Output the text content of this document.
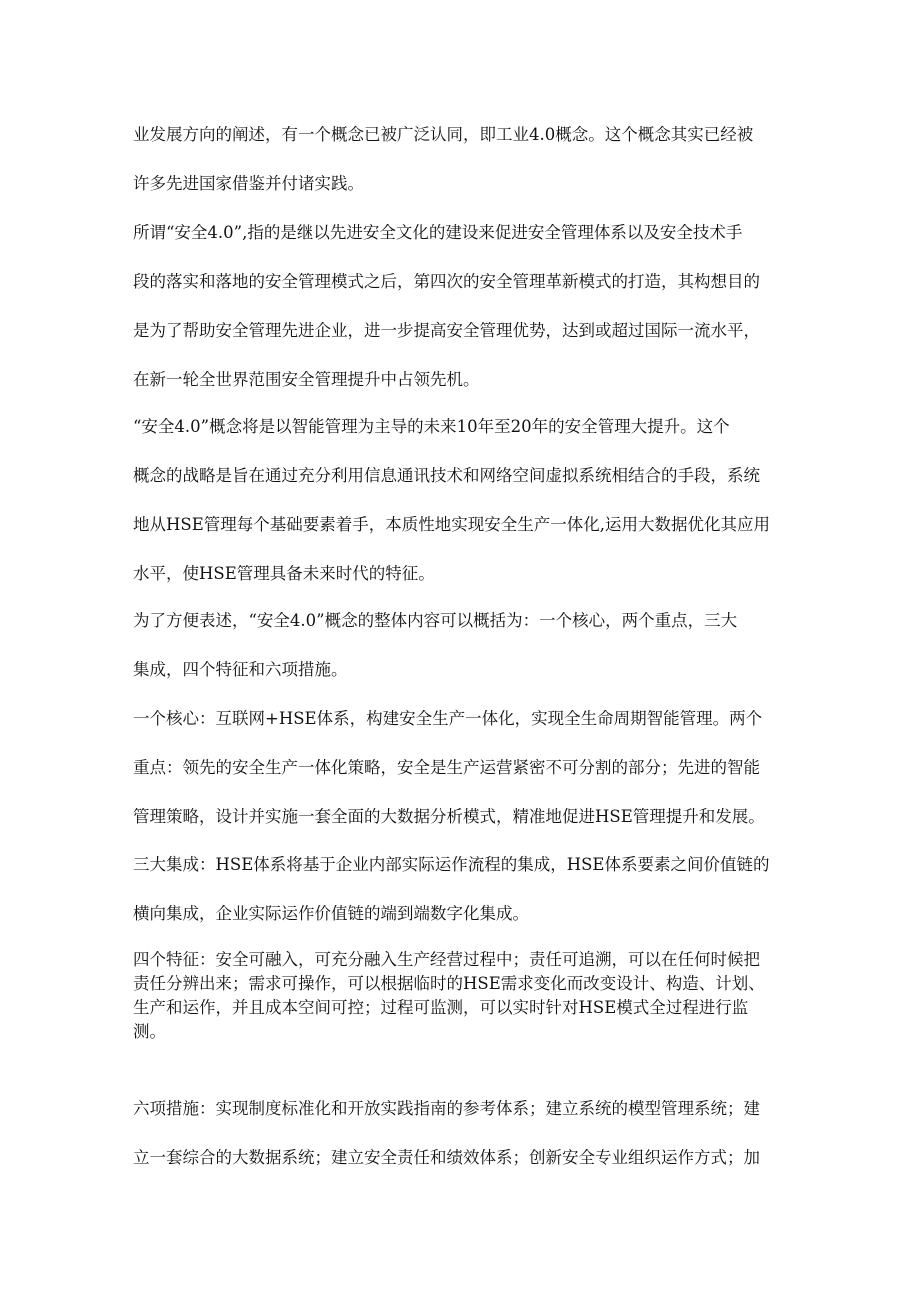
业发展方向的阐述，有一个概念已被广泛认同，即工业4.0概念。这个概念其实已经被
许多先进国家借鉴并付诸实践。
所谓“安全4.0”,指的是继以先进安全文化的建设来促进安全管理体系以及安全技术手
段的落实和落地的安全管理模式之后，第四次的安全管理革新模式的打造，其构想目的
是为了帮助安全管理先进企业，进一步提高安全管理优势，达到或超过国际一流水平，
在新一轮全世界范围安全管理提升中占领先机。
“安全4.0”概念将是以智能管理为主导的未来10年至20年的安全管理大提升。这个
概念的战略是旨在通过充分利用信息通讯技术和网络空间虚拟系统相结合的手段，系统
地从HSE管理每个基础要素着手，本质性地实现安全生产一体化,运用大数据优化其应用
水平，使HSE管理具备未来时代的特征。
为了方便表述，“安全4.0”概念的整体内容可以概括为：一个核心，两个重点，三大
集成，四个特征和六项措施。
一个核心：互联网+HSE体系，构建安全生产一体化，实现全生命周期智能管理。两个
重点：领先的安全生产一体化策略，安全是生产运营紧密不可分割的部分；先进的智能
管理策略，设计并实施一套全面的大数据分析模式，精准地促进HSE管理提升和发展。
三大集成：HSE体系将基于企业内部实际运作流程的集成，HSE体系要素之间价值链的
横向集成，企业实际运作价值链的端到端数字化集成。
四个特征：安全可融入，可充分融入生产经营过程中；责任可追溯，可以在任何时候把
责任分辨出来；需求可操作，可以根据临时的HSE需求变化而改变设计、构造、计划、
生产和运作，并且成本空间可控；过程可监测，可以实时针对HSE模式全过程进行监
测。
六项措施：实现制度标准化和开放实践指南的参考体系；建立系统的模型管理系统；建
立一套综合的大数据系统；建立安全责任和绩效体系；创新安全专业组织运作方式；加
